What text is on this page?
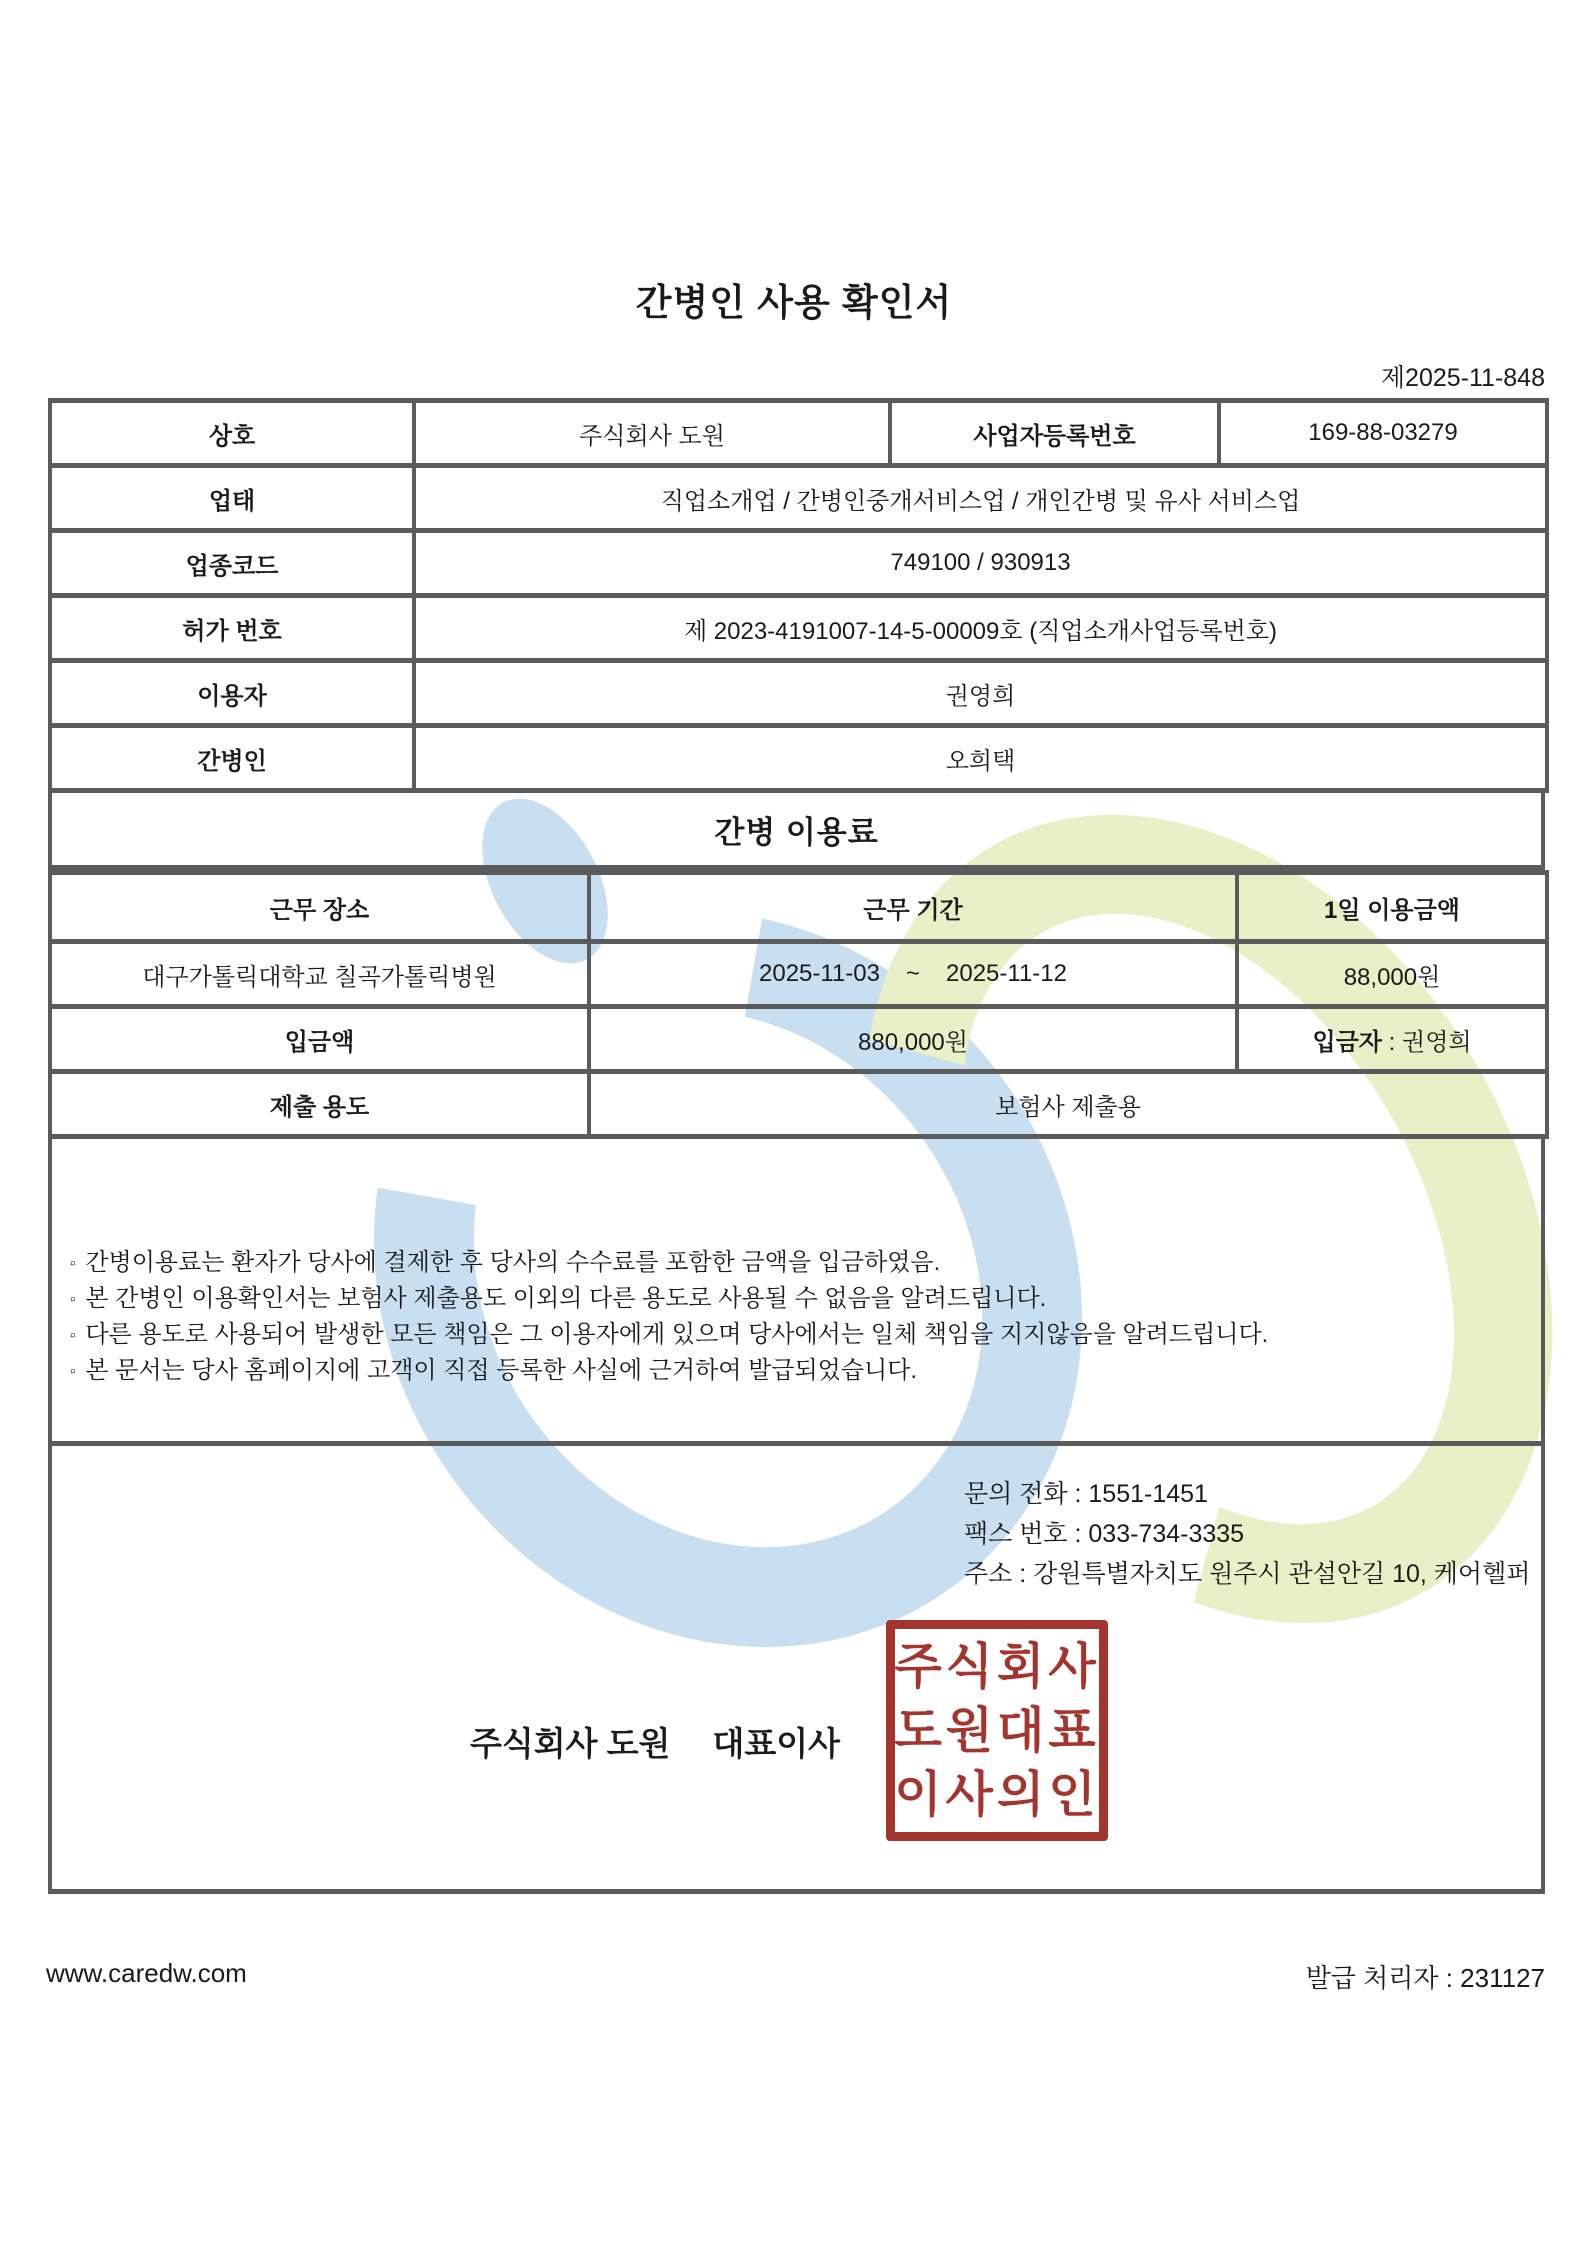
간병인 사용 확인서
제2025-11-848
상호	주식회사 도원	사업자등록번호	169-88-03279
업태	직업소개업 / 간병인중개서비스업 / 개인간병 및 유사 서비스업		
업종코드	749100 / 930913		
허가 번호	제 2023-4191007-14-5-00009호 (직업소개사업등록번호)		
이용자	권영희		
간병인	오희택		
간병 이용료
근무 장소	근무 기간	1일 이용금액
대구가톨릭대학교 칠곡가톨릭병원	2025-11-03 ~ 2025-11-12	88,000원
입금액	880,000원	입금자 : 권영희
제출 용도	보험사 제출용	
▫ 간병이용료는 환자가 당사에 결제한 후 당사의 수수료를 포함한 금액을 입금하였음.
▫ 본 간병인 이용확인서는 보험사 제출용도 이외의 다른 용도로 사용될 수 없음을 알려드립니다.
▫ 다른 용도로 사용되어 발생한 모든 책임은 그 이용자에게 있으며 당사에서는 일체 책임을 지지않음을 알려드립니다.
▫ 본 문서는 당사 홈페이지에 고객이 직접 등록한 사실에 근거하여 발급되었습니다.
문의 전화 : 1551-1451
팩스 번호 : 033-734-3335
주소 : 강원특별자치도 원주시 관설안길 10, 케어헬퍼
주식회사 도원 대표이사
주식회사
도원대표
이사의인
www.caredw.com	발급 처리자 : 231127
